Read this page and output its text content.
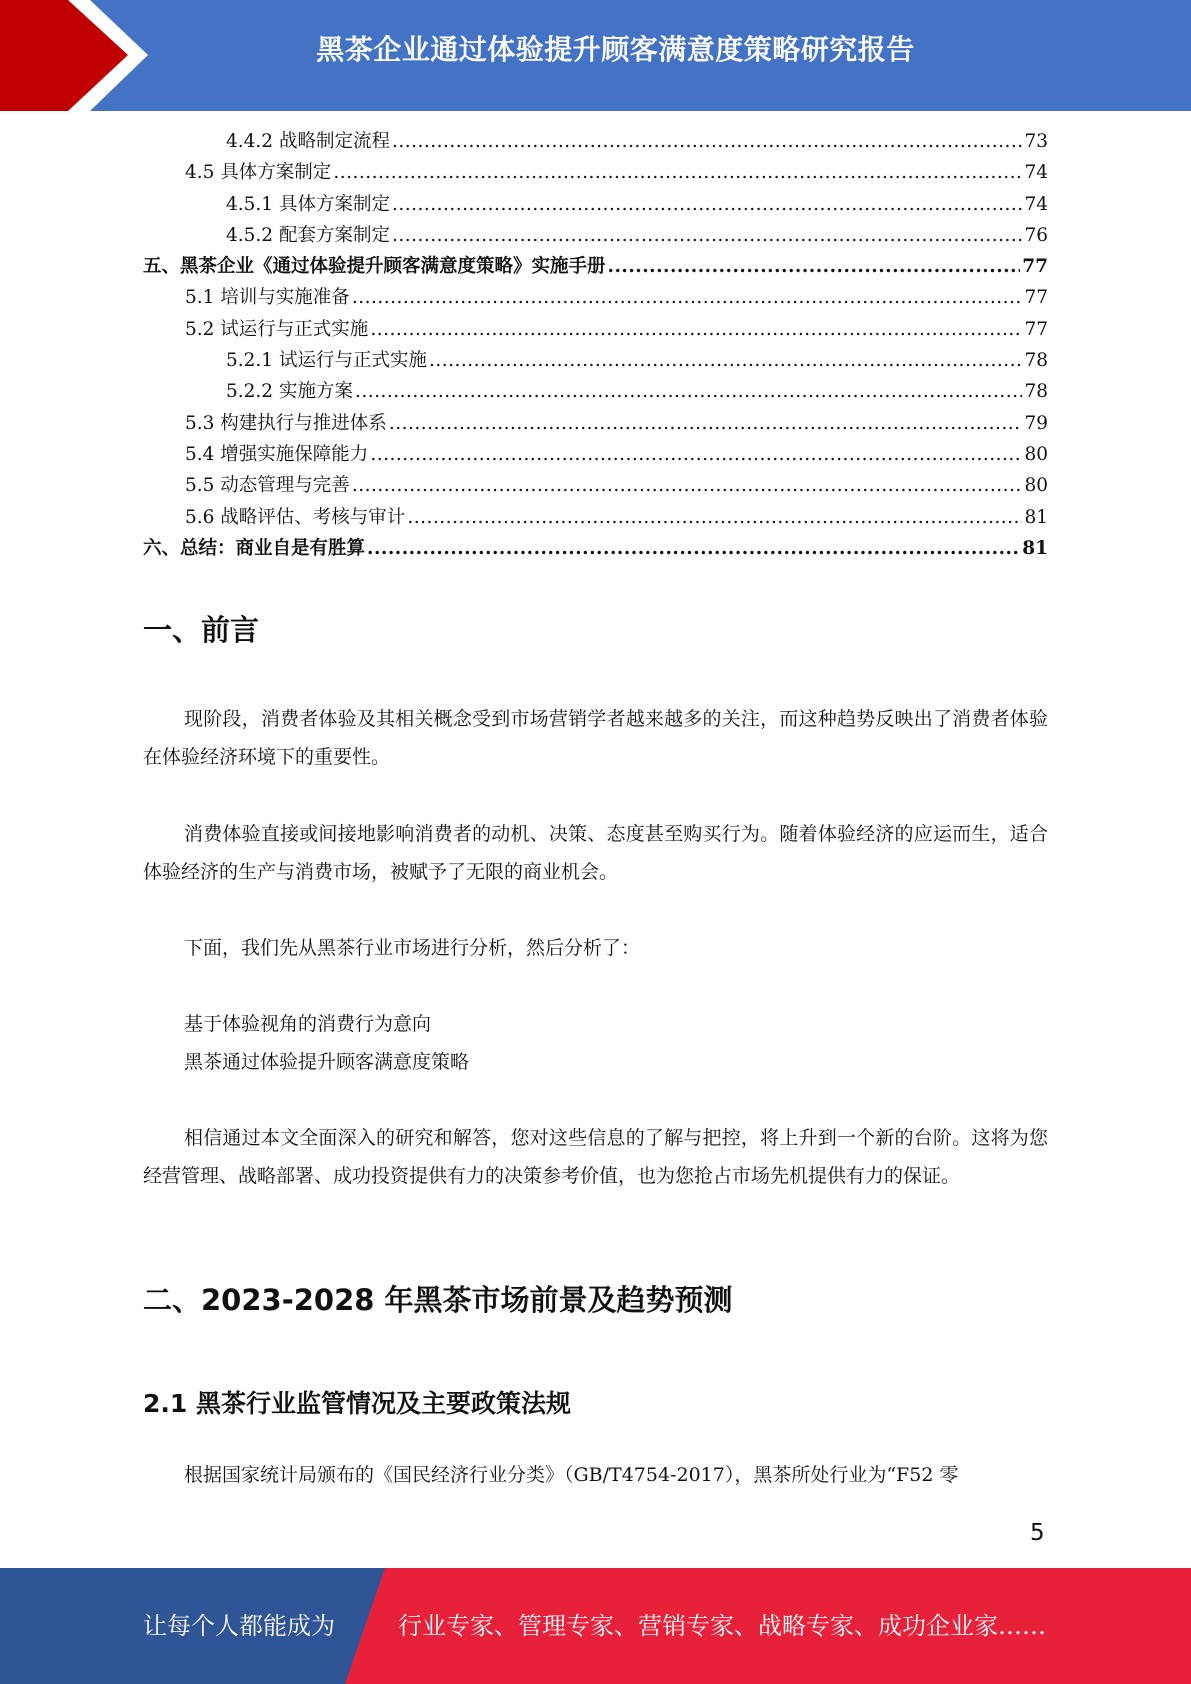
黑茶企业通过体验提升顾客满意度策略研究报告
4.4.2 战略制定流程 .....	73
4.5 具体方案制定 .....	74
4.5.1 具体方案制定 .....	74
4.5.2 配套方案制定 .....	76
五、黑茶企业《通过体验提升顾客满意度策略》实施手册 .....	77
5.1 培训与实施准备 .....	77
5.2 试运行与正式实施 .....	77
5.2.1 试运行与正式实施 .....	78
5.2.2 实施方案 .....	78
5.3 构建执行与推进体系 .....	79
5.4 增强实施保障能力 .....	80
5.5 动态管理与完善 .....	80
5.6 战略评估、考核与审计 .....	81
六、总结：商业自是有胜算 .....	81
一、前言
现阶段，消费者体验及其相关概念受到市场营销学者越来越多的关注，而这种趋势反映出了消费者体验在体验经济环境下的重要性。
消费体验直接或间接地影响消费者的动机、决策、态度甚至购买行为。随着体验经济的应运而生，适合体验经济的生产与消费市场，被赋予了无限的商业机会。
下面，我们先从黑茶行业市场进行分析，然后分析了：
基于体验视角的消费行为意向
黑茶通过体验提升顾客满意度策略
相信通过本文全面深入的研究和解答，您对这些信息的了解与把控，将上升到一个新的台阶。这将为您经营管理、战略部署、成功投资提供有力的决策参考价值，也为您抢占市场先机提供有力的保证。
二、2023-2028 年黑茶市场前景及趋势预测
2.1 黑茶行业监管情况及主要政策法规
根据国家统计局颁布的《国民经济行业分类》（GB/T4754-2017），黑茶所处行业为“F52 零
5
让每个人都能成为	行业专家、管理专家、营销专家、战略专家、成功企业家……
